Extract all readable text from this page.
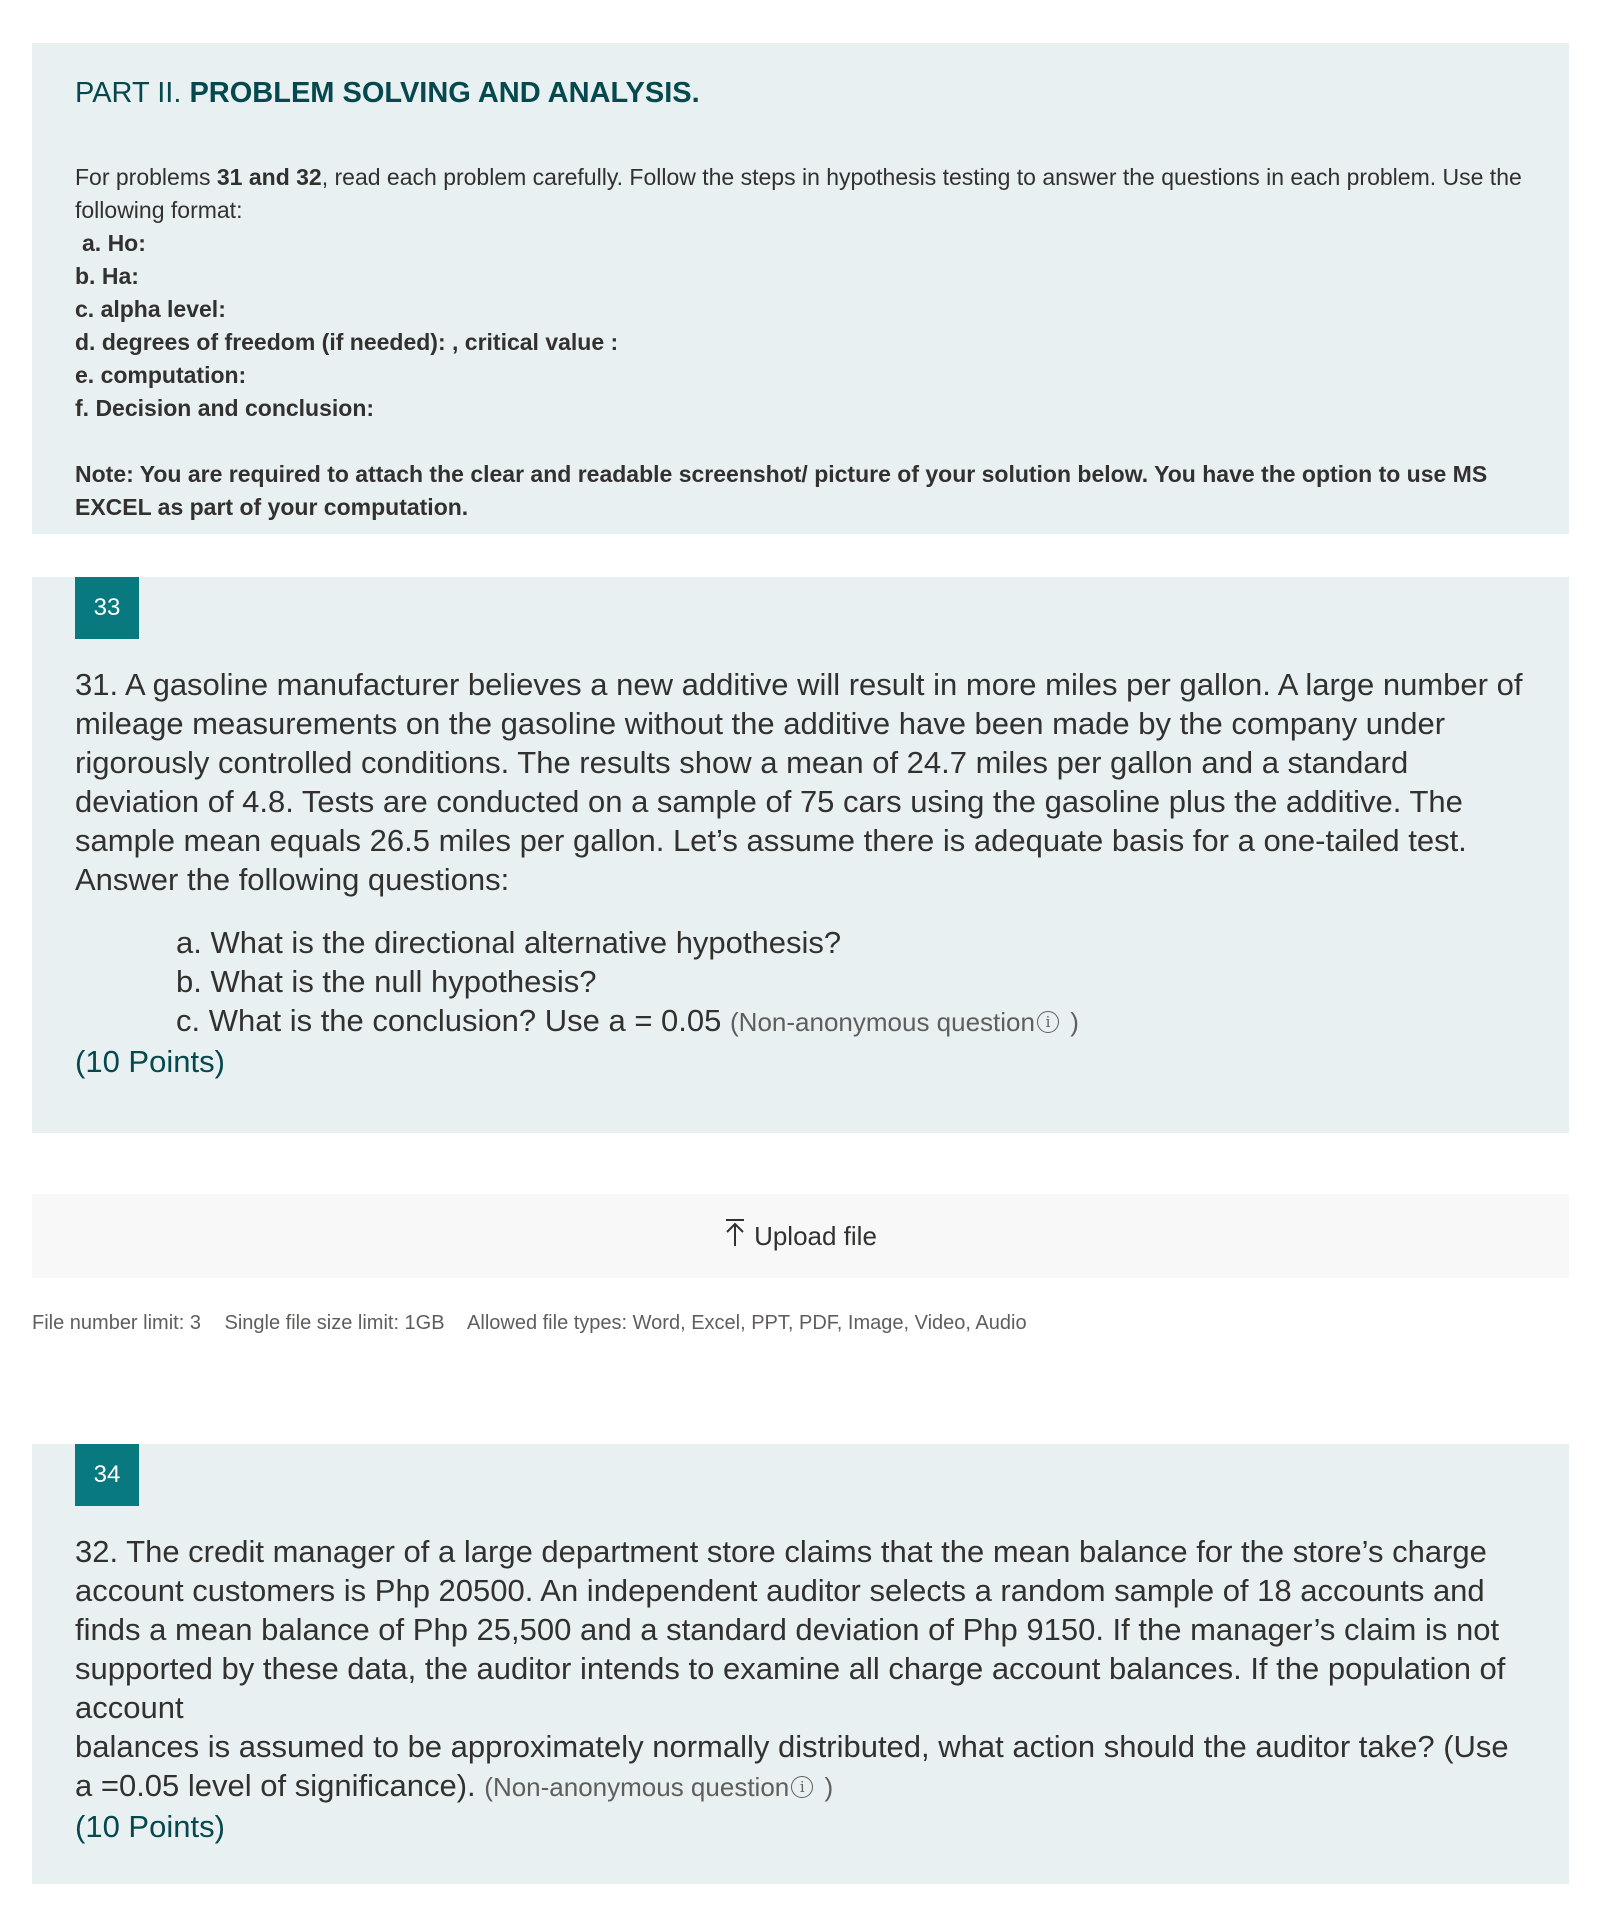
PART II. PROBLEM SOLVING AND ANALYSIS.
For problems 31 and 32, read each problem carefully. Follow the steps in hypothesis testing to answer the questions in each problem. Use the following format:
a. Ho:
b. Ha:
c. alpha level:
d. degrees of freedom (if needed): , critical value :
e. computation:
f. Decision and conclusion:
Note: You are required to attach the clear and readable screenshot/ picture of your solution below. You have the option to use MS EXCEL as part of your computation.
33
31. A gasoline manufacturer believes a new additive will result in more miles per gallon. A large number of mileage measurements on the gasoline without the additive have been made by the company under rigorously controlled conditions. The results show a mean of 24.7 miles per gallon and a standard deviation of 4.8. Tests are conducted on a sample of 75 cars using the gasoline plus the additive. The sample mean equals 26.5 miles per gallon. Let’s assume there is adequate basis for a one-tailed test. Answer the following questions:
a. What is the directional alternative hypothesis?
b. What is the null hypothesis?
c. What is the conclusion? Use a = 0.05 (Non-anonymous question i )
(10 Points)
Upload file
File number limit: 3 Single file size limit: 1GB Allowed file types: Word, Excel, PPT, PDF, Image, Video, Audio
34
32. The credit manager of a large department store claims that the mean balance for the store’s charge account customers is Php 20500. An independent auditor selects a random sample of 18 accounts and finds a mean balance of Php 25,500 and a standard deviation of Php 9150. If the manager’s claim is not supported by these data, the auditor intends to examine all charge account balances. If the population of account
balances is assumed to be approximately normally distributed, what action should the auditor take? (Use a =0.05 level of significance). (Non-anonymous question i )
(10 Points)
